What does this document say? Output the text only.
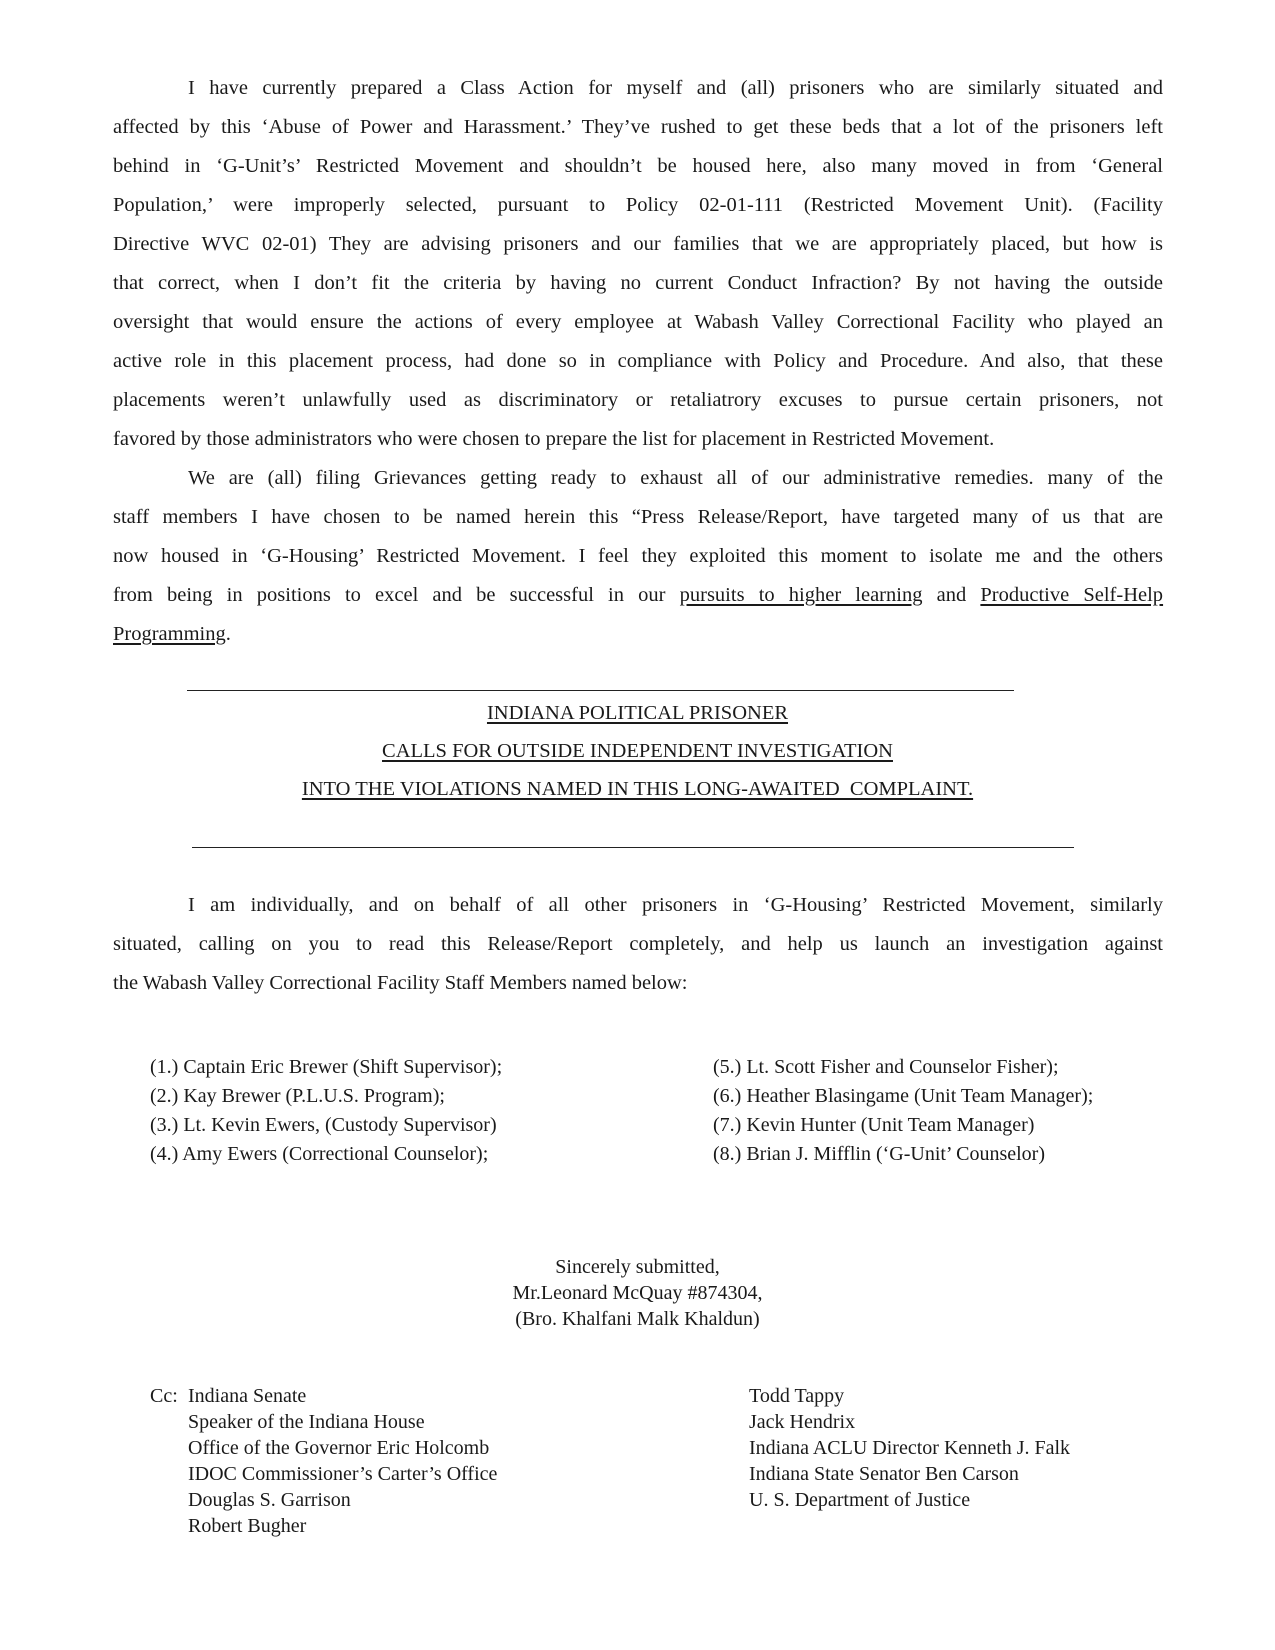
I have currently prepared a Class Action for myself and (all) prisoners who are similarly situated and
affected by this ‘Abuse of Power and Harassment.’ They’ve rushed to get these beds that a lot of the prisoners left
behind in ‘G-Unit’s’ Restricted Movement and shouldn’t be housed here, also many moved in from ‘General
Population,’ were improperly selected, pursuant to Policy 02-01-111 (Restricted Movement Unit). (Facility
Directive WVC 02-01) They are advising prisoners and our families that we are appropriately placed, but how is
that correct, when I don’t fit the criteria by having no current Conduct Infraction? By not having the outside
oversight that would ensure the actions of every employee at Wabash Valley Correctional Facility who played an
active role in this placement process, had done so in compliance with Policy and Procedure. And also, that these
placements weren’t unlawfully used as discriminatory or retaliatrory excuses to pursue certain prisoners, not
favored by those administrators who were chosen to prepare the list for placement in Restricted Movement.
We are (all) filing Grievances getting ready to exhaust all of our administrative remedies. many of the
staff members I have chosen to be named herein this “Press Release/Report, have targeted many of us that are
now housed in ‘G-Housing’ Restricted Movement. I feel they exploited this moment to isolate me and the others
from being in positions to excel and be successful in our pursuits to higher learning and Productive Self-Help
Programming.
INDIANA POLITICAL PRISONER
CALLS FOR OUTSIDE INDEPENDENT INVESTIGATION
INTO THE VIOLATIONS NAMED IN THIS LONG-AWAITED  COMPLAINT.
I am individually, and on behalf of all other prisoners in ‘G-Housing’ Restricted Movement, similarly
situated, calling on you to read this Release/Report completely, and help us launch an investigation against
the Wabash Valley Correctional Facility Staff Members named below:
(1.) Captain Eric Brewer (Shift Supervisor);
(2.) Kay Brewer (P.L.U.S. Program);
(3.) Lt. Kevin Ewers, (Custody Supervisor)
(4.) Amy Ewers (Correctional Counselor);
(5.) Lt. Scott Fisher and Counselor Fisher);
(6.) Heather Blasingame (Unit Team Manager);
(7.) Kevin Hunter (Unit Team Manager)
(8.) Brian J. Mifflin (‘G-Unit’ Counselor)
Sincerely submitted,
Mr.Leonard McQuay #874304,
(Bro. Khalfani Malk Khaldun)
Cc: Indiana Senate
Speaker of the Indiana House
Office of the Governor Eric Holcomb
IDOC Commissioner’s Carter’s Office
Douglas S. Garrison
Robert Bugher
Todd Tappy
Jack Hendrix
Indiana ACLU Director Kenneth J. Falk
Indiana State Senator Ben Carson
U. S. Department of Justice
